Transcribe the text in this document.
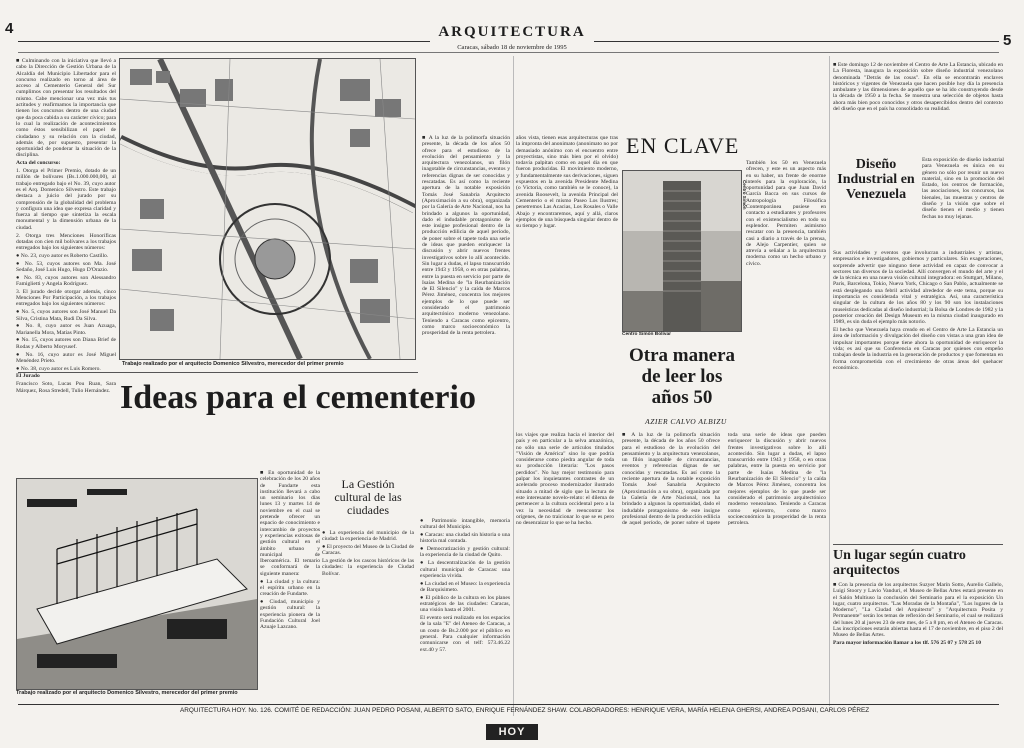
4
5
ARQUITECTURA
Caracas, sábado 18 de noviembre de 1995

■ Culminando con la iniciativa que llevó a cabo la Dirección de Gestión Urbana de la Alcaldía del Municipio Libertador para el concurso realizado en torno al área de acceso al Cementerio General del Sur cumplimos con presentar los resultados del mismo. Cabe mencionar una vez más tus actitudes y reafirmamos la importancia que tienen los concursos dentro de una ciudad que da poca cabida a su carácter cívico; para lo cual la realización de acontecimientos como éstos sensibilizan el papel de ciudadano y su relación con la ciudad, además de, por supuesto, presentar la oportunidad de ponderar la situación de la disciplina.

Acta del concurso:

1. Otorga el Primer Premio, dotado de un millón de bolívares (Bs.1.000.000,00), al trabajo entregado bajo el No. 39, cuyo autor es el Arq. Domenico Silvestro. Este trabajo destaca a juicio del jurado por su comprensión de la globalidad del problema y configura una idea que expresa claridad y fuerza al tiempo que sintetiza la escala monumental y la dimensión urbana de la ciudad.

2. Otorga tres Menciones Honoríficas dotadas con cien mil bolívares a los trabajos entregados bajo los siguientes números:

● No. 23, cuyo autor es Roberto Castillo.

● No. 53, cuyos autores son Ma. José Sedaño, José Luis Hugo, Hugo D'Orazio.

● No. 83, cuyos autores son Alessandro Famiglietti y Angela Rodríguez.

3. El jurado decide otorgar además, cinco Menciones Por Participación, a los trabajos entregados bajo los siguientes números:

● No. 5, cuyos autores son José Manuel Da Silva, Cristina Mata, Rudi Da Silva.

● No. 8, cuyo autor es Juan Azuaga, Marianella Mora, Matías Pinto.

● No. 15, cuyos autores son Diana Brief de Rodas y Alberto Moryusef.

● No. 16, cuyo autor es José Miguel Menéndez Prieto.

● No. 38, cuyo autor es Luis Romero.

El Jurado

Francisco Soto, Lucas Pou Ruan, Sara Márquez, Rosa Stredell, Tulio Hernández.

Trabajo realizado por el arquitecto Domenico Silvestro, merecedor del primer premio

■ A la luz de la polimorfa situación presente, la década de los años 50 ofrece para el estudioso de la evolución del pensamiento y la arquitectura venezolanos, un filón inagotable de circunstancias, eventos y referencias dignas de ser conocidas y rescatadas. Es así como la reciente apertura de la notable exposición Tomás José Sanabria Arquitecto (Aproximación a su obra), organizada por la Galería de Arte Nacional, nos ha brindado a algunos la oportunidad, dado el indudable protagonismo de este insigne profesional dentro de la producción edilicia de aquel período, de poner sobre el tapete toda una serie de ideas que pueden enriquecer la discusión y abrir nuevos frentes investigativos sobre lo allí acontecido. Sin lugar a dudas, el lapso transcurrido entre 1943 y 1958, o en otras palabras, entre la puesta en servicio por parte de Isaías Medina de "la Reurbanización de El Silencio" y la caída de Marcos Pérez Jiménez, concentra los mejores ejemplos de lo que puede ser considerado el patrimonio arquitectónico moderno venezolano. Teniendo a Caracas como epicentro, como marco socioeconómico la prosperidad de la renta petrolera.

Ideas para el cementerio
Trabajo realizado por el arquitecto Domenico Silvestro, merecedor del primer premio

■ En oportunidad de la celebración de los 20 años de Fundarte esta institución llevará a cabo un seminario los días lunes 13 y martes 14 de noviembre en el cual se pretende ofrecer un espacio de conocimiento e intercambio de proyectos y experiencias exitosas de gestión cultural en el ámbito urbano y municipal de Iberoamérica. El temario se conformará de la siguiente manera:

● La ciudad y la cultura: el espíritu urbano en la creación de Fundarte.

● Ciudad, municipio y gestión cultural: la experiencia pionera de la Fundación Cultural Joel Azuaje Lazcano.

La Gestión cultural de las ciudades

● La experiencia del municipio de la ciudad: la experiencia de Madrid.

● El proyecto del Museo de la Ciudad de Caracas.

La gestión de los cascos históricos de las ciudades: la experiencia de Ciudad Bolívar.

● Patrimonio intangible, memoria cultural del Municipio.

● Caracas: una ciudad sin historia o una historia mal contada.

● Democratización y gestión cultural: la experiencia de la ciudad de Quito.

● La descentralización de la gestión cultural municipal de Caracas: una experiencia vivida.

● La ciudad en el Museo: la experiencia de Barquisimeto.

● El público de la cultura en los planes estratégicos de las ciudades: Caracas, una visión hasta el 2001.

El evento será realizado en los espacios de la sala "E" del Ateneo de Caracas, a un costo de Bs.2.000 por el público en general. Para cualquier información comunicarse con el telf: 573.46.22 ext.40 y 57.

EN CLAVE
Centro Simón
Centro Simón Bolívar

años vista, tienen esas arquitecturas que tras la impronta del anonimato (anonimato no por demasiado anónimo con el encuentro entre proyectistas, sino más bien por el olvido) todavía palpitan como en aquel día en que fueron producidas. El movimiento moderno, y fundamentalmente sus derivaciones, siguen expuestos en la avenida Presidente Medina (o Victoria, como también se le conoce), la avenida Roosevelt, la avenida Principal del Cementerio o el mismo Paseo Los Ilustres; penetremos Las Acacias, Los Rosales o Valle Abajo y encontraremos, aquí y allá, claros ejemplos de una búsqueda singular dentro de su tiempo y lugar.

También los 50 en Venezuela ofrecen, y este es un aspecto más en su haber, un frente de enorme interés para la exploración, la oportunidad para que Juan David García Bacca en sus cursos de Antropología Filosófica Contemporánea pusiese en contacto a estudiantes y profesores con el existencialismo en todo su esplendor. Permiten asimismo rescatar con la presencia, también casi a diario a través de la prensa, de Alejo Carpentier, quien se atrevía a señalar a la arquitectura moderna como un hecho urbano y cívico.

Otra manera de leer los años 50
AZIER CALVO ALBIZU

los viajes que realiza hacia el interior del país y en particular a la selva amazónica, no sólo una serie de artículos titulados "Visión de América" sino lo que podría considerarse como piedra angular de toda su producción literaria: "Los pasos perdidos". No hay mejor testimonio para palpar los inquietantes contrastes de un acelerado proceso modernizador ilustrado situado a mitad de siglo que la lectura de este interesante novelo-relato: el dilema de pertenecer a la cultura occidental pero a la vez la necesidad de reencontrar los orígenes, de no traicionar lo que se es pero no desenraizar lo que se ha hecho.

■ A la luz de la polimorfa situación presente, la década de los años 50 ofrece para el estudioso de la evolución del pensamiento y la arquitectura venezolanos, un filón inagotable de circunstancias, eventos y referencias dignas de ser conocidas y rescatadas. Es así como la reciente apertura de la notable exposición Tomás José Sanabria Arquitecto (Aproximación a su obra), organizada por la Galería de Arte Nacional, nos ha brindado a algunos la oportunidad, dado el indudable protagonismo de este insigne profesional dentro de la producción edilicia de aquel período, de poner sobre el tapete toda una serie de ideas que pueden enriquecer la discusión y abrir nuevos frentes investigativos sobre lo allí acontecido. Sin lugar a dudas, el lapso transcurrido entre 1943 y 1958, o en otras palabras, entre la puesta en servicio por parte de Isaías Medina de "la Reurbanización de El Silencio" y la caída de Marcos Pérez Jiménez, concentra los mejores ejemplos de lo que puede ser considerado el patrimonio arquitectónico moderno venezolano. Teniendo a Caracas como epicentro, como marco socioeconómico la prosperidad de la renta petrolera.

■ Este domingo 12 de noviembre el Centro de Arte La Estancia, ubicado en La Floresta, inaugura la exposición sobre diseño industrial venezolano denominada "Detrás de las cosas". En ella se encontrarán enclaves históricos y vigentes de Venezuela que hacen posible hoy día la presencia ambulante y las dimensiones de aquello que se ha ido construyendo desde la década de 1950 a la fecha. Se muestra una selección de objetos hasta ahora más bien poco conocidos y otros desapercibidos dentro del contexto del diseño que en el país ha consolidado su realidad.

Diseño Industrial en Venezuela

Esta exposición de diseño industrial para Venezuela es única en su género no sólo por reunir un nuevo material, sino en la promoción del Estado, los centros de formación, las asociaciones, los concursos, las bienales, las muestras y centros de diseño y la visión que sobre el diseño tienen el medio y tienen fechas no muy lejanas.

Sus actividades y eventos que involucran a industriales y artistas, empresarios e investigadores, gobiernos y particulares. Sin exageraciones, sorprende advertir que ninguno tiene actividad en capaz de convocar a sectores tan diversos de la sociedad. Allí convergen el mundo del arte y el de la técnica en una nueva visión cultural integradora: en Stuttgart, Milano, París, Barcelona, Tokio, Nueva York, Chicago o San Pablo, actualmente se está desplegando una febril actividad alrededor de este tema, porque su importancia es considerada vital y estratégica. Así, una característica singular de la cultura de los años 80 y los 90 son los instalaciones museísticas dedicadas al diseño industrial; la Bolsa de Londres de 1982 y la posterior creación del Design Museum en la misma ciudad inaugurado en 1989, es sin duda el ejemplo más notorio.

El hecho que Venezuela haya creado en el Centro de Arte La Estancia un área de información y divulgación del diseño con vistas a una gran idea de impulsar importantes porque tiene ahora la oportunidad de enriquecer la vida; es así que su Conferencia en Caracas por quienes con empeño trabajan desde la industria en la generación de productos y que fomentan en forma comprometida con el crecimiento de otras áreas del quehacer económico.

Un lugar según cuatro arquitectos

■ Con la presencia de los arquitectos Suzyer Marín Sotto, Aurelio Gallelo, Luigi Stoory y Lavio Vanduri, el Museo de Bellas Artes estará presente en el Salón Multiuso la conclusión del Seminario para el la exposición Un lugar, cuatro arquitectos. "Las Moradas de la Montaña", "Los lugares de la Moderno", "La Ciudad del Arquitecto" y "Arquitectura Posita y Permanente" serán los temas de reflexión del Seminario, el cual se realizará del lunes 20 al jueves 23 de este mes, de 5 a 8 pm, en el Ateneo de Caracas. Las inscripciones estarán abiertas hasta el 17 de noviembre, en el piso 2 del Museo de Bellas Artes.

Para mayor información llamar a los tlf. 576 25 07 y 578 25 10

ARQUITECTURA HOY. No. 126. COMITÉ DE REDACCIÓN: JUAN PEDRO POSANI, ALBERTO SATO, ENRIQUE FERNÁNDEZ SHAW. COLABORADORES: HENRIQUE VERA, MARÍA HELENA GHERSI, ANDREA POSANI, CARLOS PÉREZ
HOY
